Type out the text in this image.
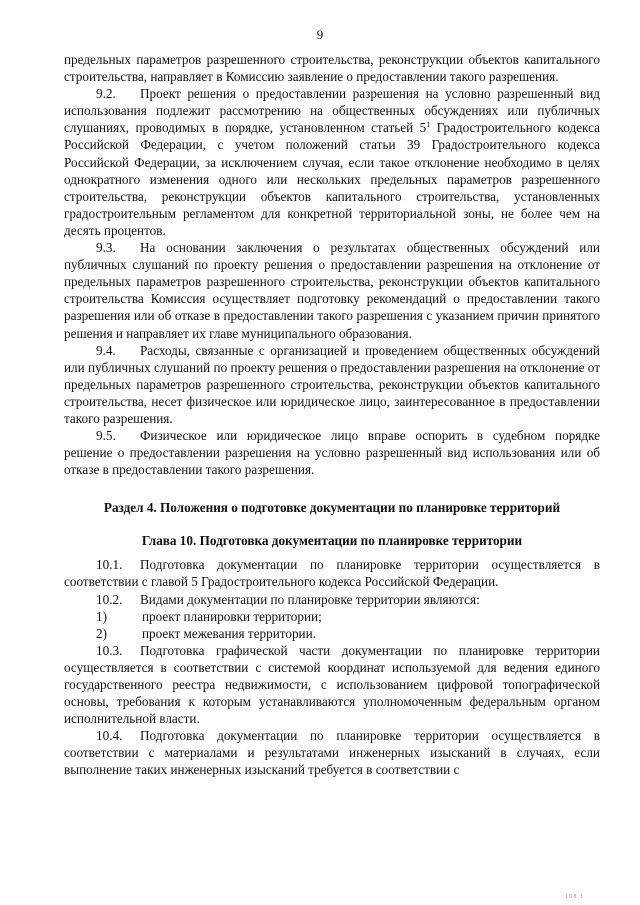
9

предельных параметров разрешенного строительства, реконструкции объектов капитального строительства, направляет в Комиссию заявление о предоставлении такого разрешения.

9.2. Проект решения о предоставлении разрешения на условно разрешенный вид использования подлежит рассмотрению на общественных обсуждениях или публичных слушаниях, проводимых в порядке, установленном статьей $5^1$ Градостроительного кодекса Российской Федерации, с учетом положений статьи 39 Градостроительного кодекса Российской Федерации, за исключением случая, если такое отклонение необходимо в целях однократного изменения одного или нескольких предельных параметров разрешенного строительства, реконструкции объектов капитального строительства, установленных градостроительным регламентом для конкретной территориальной зоны, не более чем на десять процентов.

9.3. На основании заключения о результатах общественных обсуждений или публичных слушаний по проекту решения о предоставлении разрешения на отклонение от предельных параметров разрешенного строительства, реконструкции объектов капитального строительства Комиссия осуществляет подготовку рекомендаций о предоставлении такого разрешения или об отказе в предоставлении такого разрешения с указанием причин принятого решения и направляет их главе муниципального образования.

9.4. Расходы, связанные с организацией и проведением общественных обсуждений или публичных слушаний по проекту решения о предоставлении разрешения на отклонение от предельных параметров разрешенного строительства, реконструкции объектов капитального строительства, несет физическое или юридическое лицо, заинтересованное в предоставлении такого разрешения.

9.5. Физическое или юридическое лицо вправе оспорить в судебном порядке решение о предоставлении разрешения на условно разрешенный вид использования или об отказе в предоставлении такого разрешения.

Раздел 4. Положения о подготовке документации по планировке территорий
Глава 10. Подготовка документации по планировке территории

10.1. Подготовка документации по планировке территории осуществляется в соответствии с главой 5 Градостроительного кодекса Российской Федерации.

10.2. Видами документации по планировке территории являются:

1)	проект планировки территории;

2)	проект межевания территории.

10.3. Подготовка графической части документации по планировке территории осуществляется в соответствии с системой координат используемой для ведения единого государственного реестра недвижимости, с использованием цифровой топографической основы, требования к которым устанавливаются уполномоченным федеральным органом исполнительной власти.

10.4. Подготовка документации по планировке территории осуществляется в соответствии с материалами и результатами инженерных изысканий в случаях, если выполнение таких инженерных изысканий требуется в соответствии с

108 1
